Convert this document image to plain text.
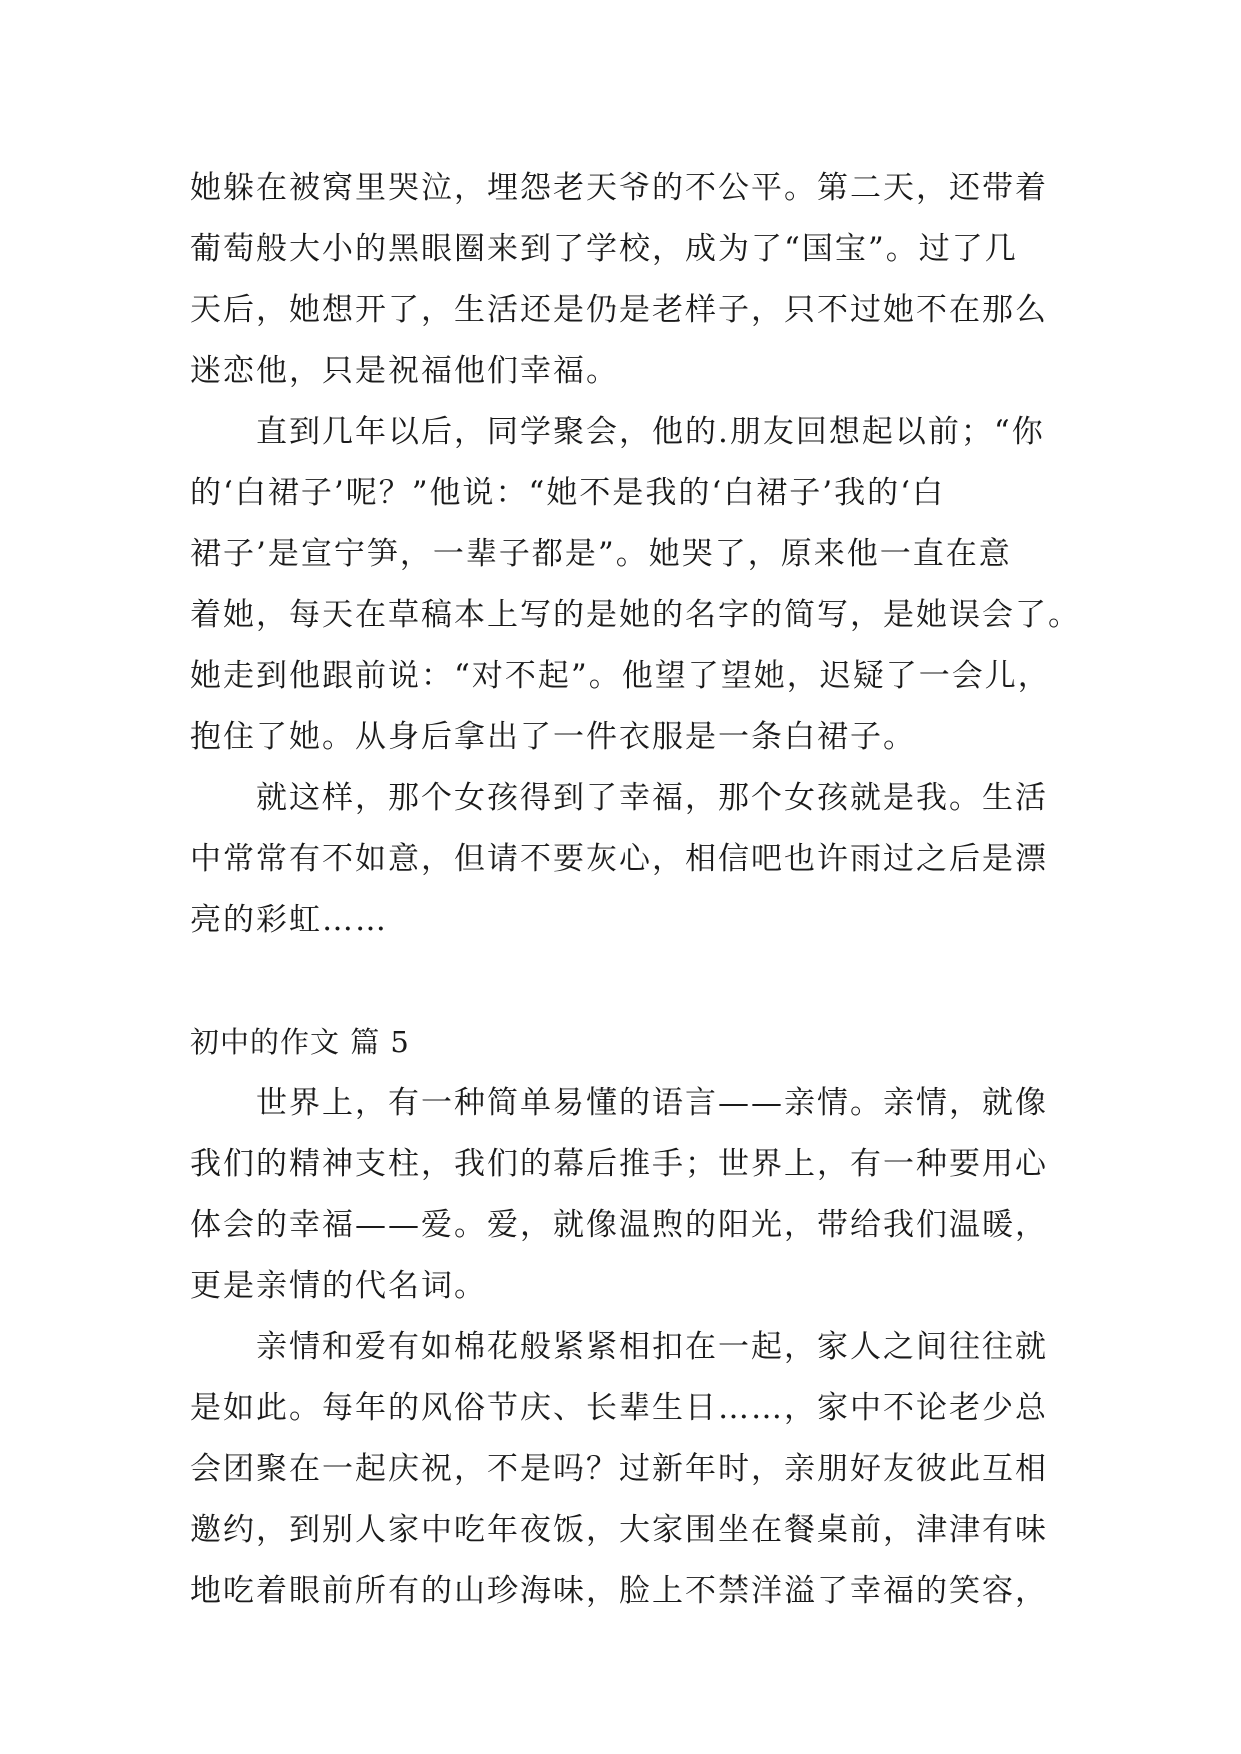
她躲在被窝里哭泣，埋怨老天爷的不公平。第二天，还带着
葡萄般大小的黑眼圈来到了学校，成为了“国宝”。过了几
天后，她想开了，生活还是仍是老样子，只不过她不在那么
迷恋他，只是祝福他们幸福。
直到几年以后，同学聚会，他的.朋友回想起以前；“你
的‘白裙子’呢？”他说：“她不是我的‘白裙子’我的‘白
裙子’是宣宁笋，一辈子都是”。她哭了，原来他一直在意
着她，每天在草稿本上写的是她的名字的简写，是她误会了。
她走到他跟前说：“对不起”。他望了望她，迟疑了一会儿，
抱住了她。从身后拿出了一件衣服是一条白裙子。
就这样，那个女孩得到了幸福，那个女孩就是我。生活
中常常有不如意，但请不要灰心，相信吧也许雨过之后是漂
亮的彩虹……
初中的作文 篇 5
世界上，有一种简单易懂的语言——亲情。亲情，就像
我们的精神支柱，我们的幕后推手；世界上，有一种要用心
体会的幸福——爱。爱，就像温煦的阳光，带给我们温暖，
更是亲情的代名词。
亲情和爱有如棉花般紧紧相扣在一起，家人之间往往就
是如此。每年的风俗节庆、长辈生日……，家中不论老少总
会团聚在一起庆祝，不是吗？过新年时，亲朋好友彼此互相
邀约，到别人家中吃年夜饭，大家围坐在餐桌前，津津有味
地吃着眼前所有的山珍海味，脸上不禁洋溢了幸福的笑容，
